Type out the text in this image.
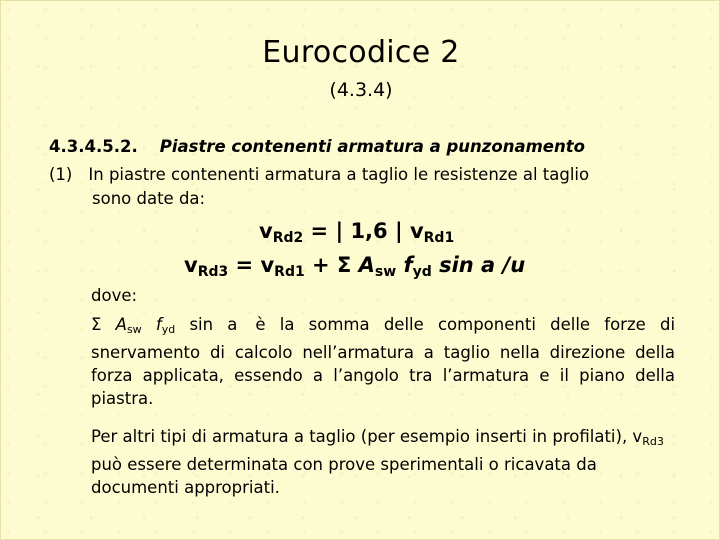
Eurocodice 2
(4.3.4)
4.3.4.5.2. Piastre contenenti armatura a punzonamento
(1) In piastre contenenti armatura a taglio le resistenze al taglio
sono date da:
$v_{Rd2}$ = | 1,6 | $v_{Rd1}$
$v_{Rd3} = v_{Rd1} + \Sigma$ $A_{sw}$ $f_{yd}$ sin a /u
dove:
Σ $A_{sw}$ $f_{yd}$ sin a è la somma delle componenti delle forze di snervamento di calcolo nell’armatura a taglio nella direzione della forza applicata, essendo a l’angolo tra l’armatura e il piano della piastra.
Per altri tipi di armatura a taglio (per esempio inserti in profilati), $v_{Rd3}$ può essere determinata con prove sperimentali o ricavata da documenti appropriati.
